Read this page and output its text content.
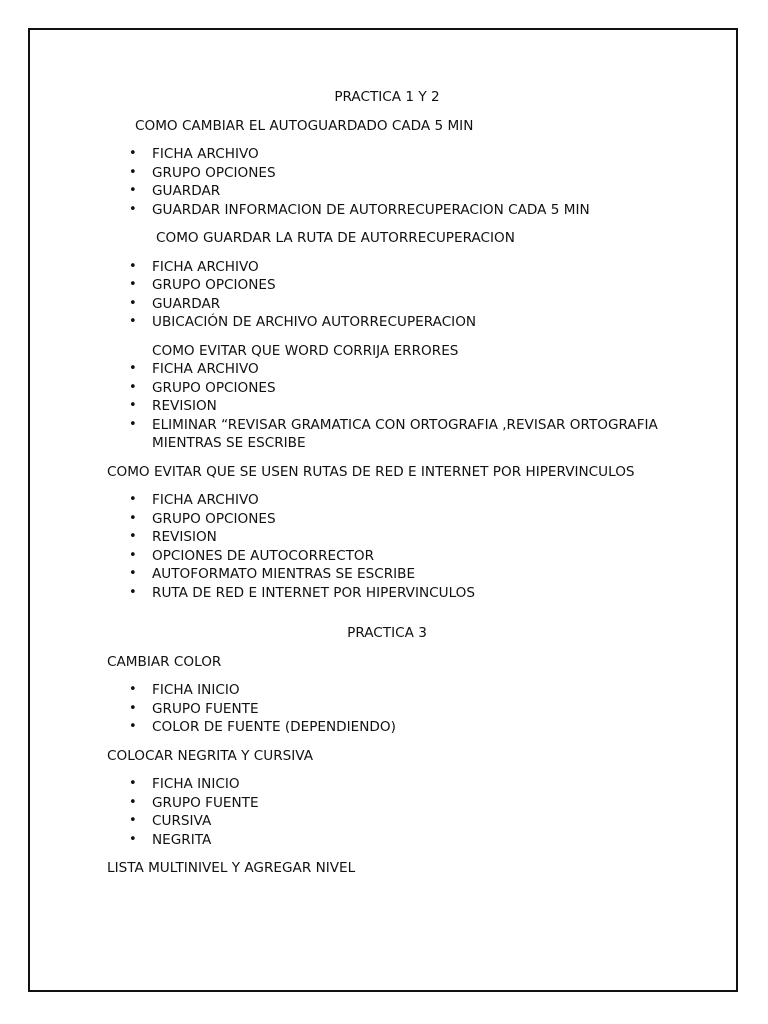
PRACTICA 1 Y 2
COMO CAMBIAR EL AUTOGUARDADO CADA 5 MIN
• FICHA ARCHIVO
• GRUPO OPCIONES
• GUARDAR
• GUARDAR INFORMACION DE AUTORRECUPERACION CADA 5 MIN
COMO GUARDAR LA RUTA DE AUTORRECUPERACION
• FICHA ARCHIVO
• GRUPO OPCIONES
• GUARDAR
• UBICACIÓN DE ARCHIVO AUTORRECUPERACION
COMO EVITAR QUE WORD CORRIJA ERRORES
• FICHA ARCHIVO
• GRUPO OPCIONES
• REVISION
• ELIMINAR “REVISAR GRAMATICA CON ORTOGRAFIA ,REVISAR ORTOGRAFIA MIENTRAS SE ESCRIBE
COMO EVITAR QUE SE USEN RUTAS DE RED E INTERNET POR HIPERVINCULOS
• FICHA ARCHIVO
• GRUPO OPCIONES
• REVISION
• OPCIONES DE AUTOCORRECTOR
• AUTOFORMATO MIENTRAS SE ESCRIBE
• RUTA DE RED E INTERNET POR HIPERVINCULOS
PRACTICA 3
CAMBIAR COLOR
• FICHA INICIO
• GRUPO FUENTE
• COLOR DE FUENTE (DEPENDIENDO)
COLOCAR NEGRITA Y CURSIVA
• FICHA INICIO
• GRUPO FUENTE
• CURSIVA
• NEGRITA
LISTA MULTINIVEL Y AGREGAR NIVEL
